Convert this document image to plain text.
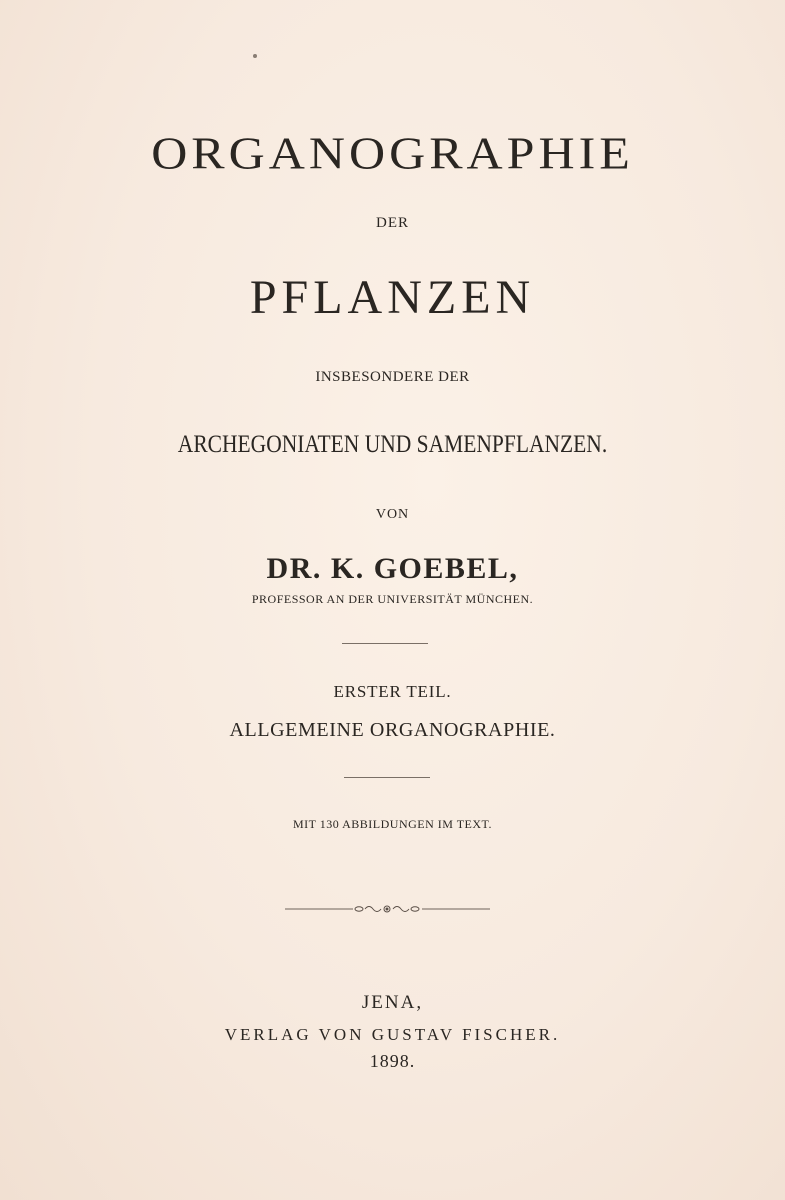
ORGANOGRAPHIE
DER
PFLANZEN
INSBESONDERE DER
ARCHEGONIATEN UND SAMENPFLANZEN.
VON
DR. K. GOEBEL,
PROFESSOR AN DER UNIVERSITÄT MÜNCHEN.
ERSTER TEIL.
ALLGEMEINE ORGANOGRAPHIE.
MIT 130 ABBILDUNGEN IM TEXT.
JENA,
VERLAG VON GUSTAV FISCHER.
1898.
